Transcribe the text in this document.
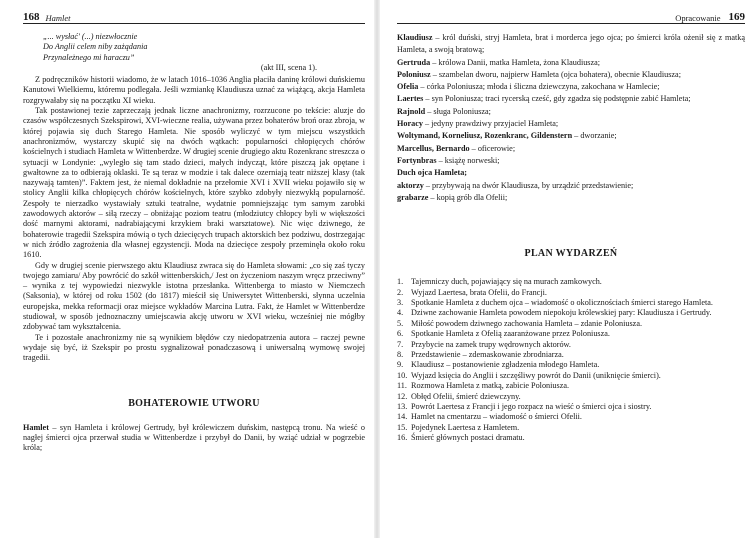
168 Hamlet
„... wysłać' (...) niezwłocznie
Do Anglii celem niby zażądania
Przynależnego mi haraczu”
(akt III, scena 1).

Z podręczników historii wiadomo, że w latach 1016–1036 Anglia płaciła daninę królowi duńskiemu Kanutowi Wielkiemu, któremu podlegała. Jeśli wzmiankę Klaudiusza uznać za wiążącą, akcja Hamleta rozgrywałaby się na początku XI wieku.

Tak postawionej tezie zaprzeczają jednak liczne anachronizmy, rozrzucone po tekście: aluzje do czasów współczesnych Szekspirowi, XVI-wieczne realia, używana przez bohaterów broń oraz zbroja, w której pojawia się duch Starego Hamleta. Nie sposób wyliczyć w tym miejscu wszystkich anachronizmów, wystarczy skupić się na dwóch wątkach: popularności chłopięcych chórów kościelnych i studiach Hamleta w Wittenberdze. W drugiej scenie drugiego aktu Rozenkranc streszcza o sytuacji w Londynie: „wyległo się tam stado dzieci, małych indycząt, które piszczą jak opętane i gwałtowne za to odbierają oklaski. Te są teraz w modzie i tak dalece ozerniają teatr niższej klasy (tak nazywają tamten)”. Faktem jest, że niemal dokładnie na przełomie XVI i XVII wieku pojawiło się w stolicy Anglii kilka chłopięcych chórów kościelnych, które szybko zdobyły niezwykłą popularność. Zespoły te nierzadko wystawiały sztuki teatralne, wydatnie pomniejszając tym samym zarobki zawodowych aktorów – siłą rzeczy – obniżając poziom teatru (młodziutcy chłopcy byli w większości dość marnymi aktorami, nadrabiającymi krzykiem braki warsztatowe). Nic więc dziwnego, że bohaterowie tragedii Szekspira mówią o tych dziecięcych trupach aktorskich bez podziwu, dostrzegając w nich źródło zagrożenia dla własnej egzystencji. Moda na dziecięce zespoły przeminęła około roku 1610.

Gdy w drugiej scenie pierwszego aktu Klaudiusz zwraca się do Hamleta słowami: „co się zaś tyczy twojego zamiaru/ Aby powrócić do szkół wittenberskich,/ Jest on życzeniom naszym wręcz przeciwny” – wynika z tej wypowiedzi niezwykle istotna przesłanka. Wittenberga to miasto w Niemczech (Saksonia), w której od roku 1502 (do 1817) mieścił się Uniwersytet Wittenberski, słynna uczelnia europejska, mekka reformacji oraz miejsce wykładów Marcina Lutra. Fakt, że Hamlet w Wittenberdze studiował, w sposób jednoznaczny umiejscawia akcję utworu w XVI wieku, wcześniej nie mógłby zdobywać tam wykształcenia.

Te i pozostałe anachronizmy nie są wynikiem błędów czy niedopatrzenia autora – raczej pewne wydaje się być, iż Szekspir po prostu sygnalizował ponadczasową i uniwersalną wymowę swojej tragedii.

BOHATEROWIE UTWORU

Hamlet – syn Hamleta i królowej Gertrudy, był królewiczem duńskim, następcą tronu. Na wieść o nagłej śmierci ojca przerwał studia w Wittenberdze i przybył do Danii, by wziąć udział w pogrzebie króla;

Opracowanie 169

Klaudiusz – król duński, stryj Hamleta, brat i morderca jego ojca; po śmierci króla ożenił się z matką Hamleta, a swoją bratową;

Gertruda – królowa Danii, matka Hamleta, żona Klaudiusza;

Poloniusz – szambelan dworu, najpierw Hamleta (ojca bohatera), obecnie Klaudiusza;

Ofelia – córka Poloniusza; młoda i śliczna dziewczyna, zakochana w Hamlecie;

Laertes – syn Poloniusza; traci rycerską cześć, gdy zgadza się podstępnie zabić Hamleta;

Rajnold – sługa Poloniusza;

Horacy – jedyny prawdziwy przyjaciel Hamleta;

Woltymand, Korneliusz, Rozenkranc, Gildenstern – dworzanie;

Marcellus, Bernardo – oficerowie;

Fortynbras – książę norweski;

Duch ojca Hamleta;

aktorzy – przybywają na dwór Klaudiusza, by urządzić przedstawienie;

grabarze – kopią grób dla Ofelii;

PLAN WYDARZEŃ
1. Tajemniczy duch, pojawiający się na murach zamkowych.
2. Wyjazd Laertesa, brata Ofelii, do Francji.
3. Spotkanie Hamleta z duchem ojca – wiadomość o okolicznościach śmierci starego Hamleta.
4. Dziwne zachowanie Hamleta powodem niepokoju królewskiej pary: Klaudiusza i Gertrudy.
5. Miłość powodem dziwnego zachowania Hamleta – zdanie Poloniusza.
6. Spotkanie Hamleta z Ofelią zaaranżowane przez Poloniusza.
7. Przybycie na zamek trupy wędrownych aktorów.
8. Przedstawienie – zdemaskowanie zbrodniarza.
9. Klaudiusz – postanowienie zgładzenia młodego Hamleta.
10. Wyjazd księcia do Anglii i szczęśliwy powrót do Danii (uniknięcie śmierci).
11. Rozmowa Hamleta z matką, zabicie Poloniusza.
12. Obłęd Ofelii, śmierć dziewczyny.
13. Powrót Laertesa z Francji i jego rozpacz na wieść o śmierci ojca i siostry.
14. Hamlet na cmentarzu – wiadomość o śmierci Ofelii.
15. Pojedynek Laertesa z Hamletem.
16. Śmierć głównych postaci dramatu.
